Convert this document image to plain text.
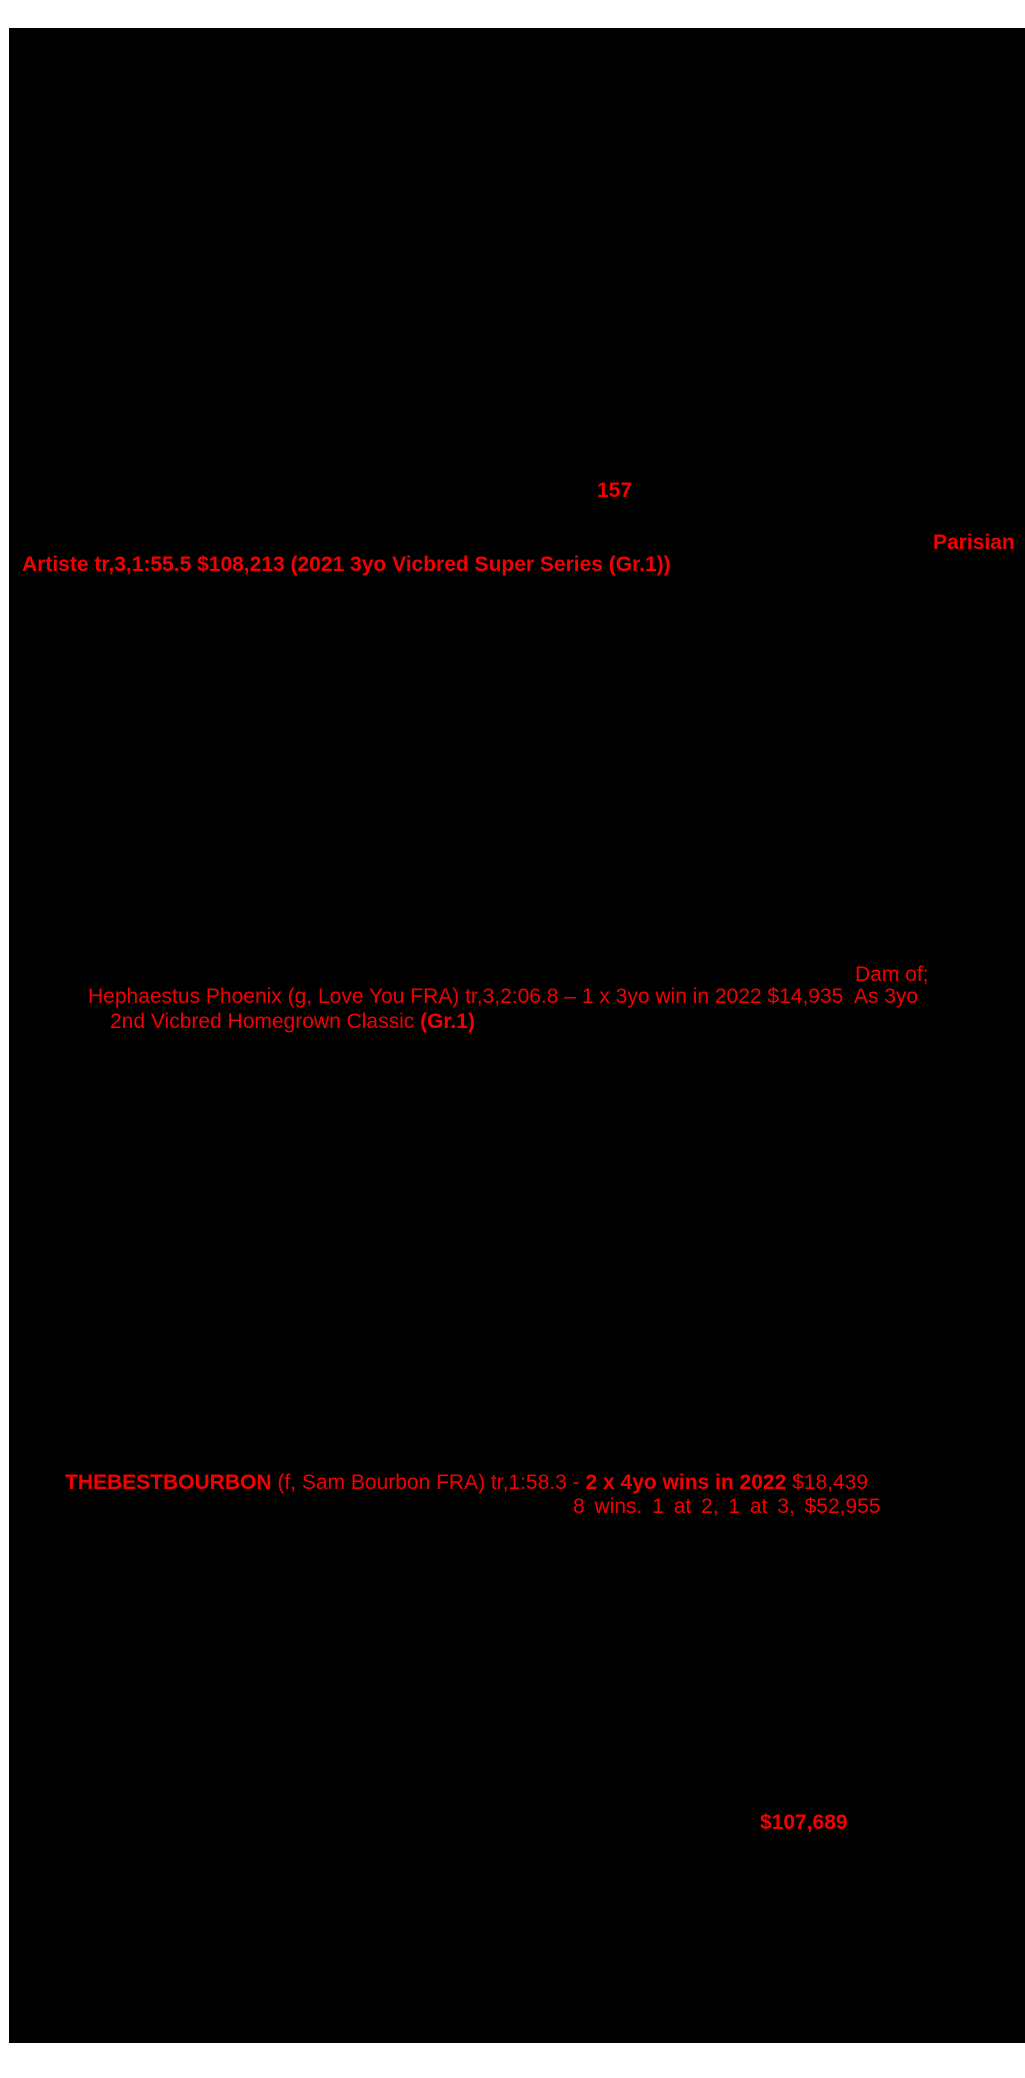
157
Parisian
Artiste tr,3,1:55.5 $108,213 (2021 3yo Vicbred Super Series (Gr.1))
Dam of;
Hephaestus Phoenix (g, Love You FRA) tr,3,2:06.8 – 1 x 3yo win in 2022 $14,935  As 3yo
2nd Vicbred Homegrown Classic (Gr.1)
THEBESTBOURBON (f, Sam Bourbon FRA) tr,1:58.3 - 2 x 4yo wins in 2022 $18,439
8 wins. 1 at 2, 1 at 3, $52,955
$107,689
